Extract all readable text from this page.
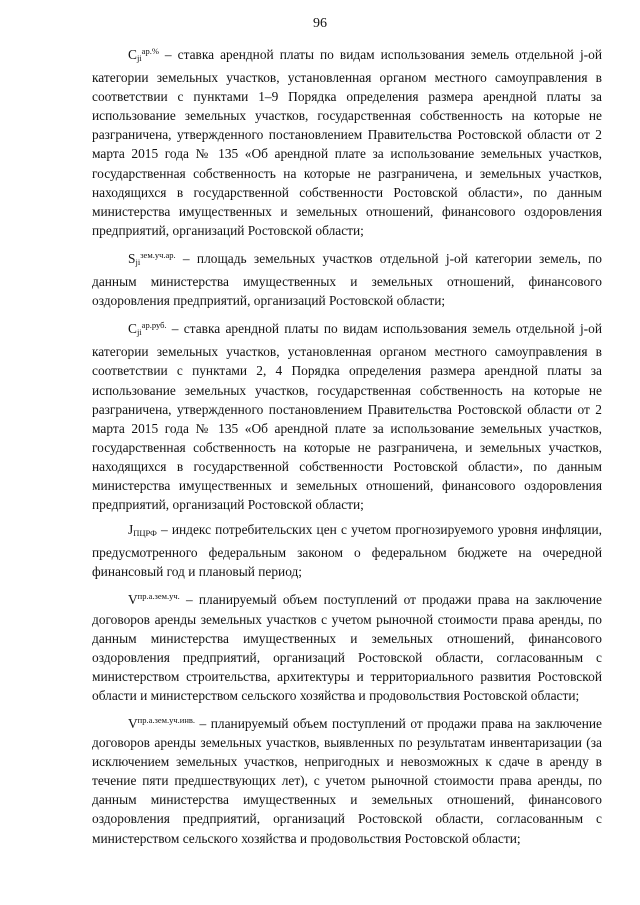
96

$C_{ji}^{ар.\%}$ – ставка арендной платы по видам использования земель отдельной j-ой категории земельных участков, установленная органом местного самоуправления в соответствии с пунктами 1–9 Порядка определения размера арендной платы за использование земельных участков, государственная собственность на которые не разграничена, утвержденного постановлением Правительства Ростовской области от 2 марта 2015 года № 135 «Об арендной плате за использование земельных участков, государственная собственность на которые не разграничена, и земельных участков, находящихся в государственной собственности Ростовской области», по данным министерства имущественных и земельных отношений, финансового оздоровления предприятий, организаций Ростовской области;

$S_{ji}^{зем.уч.ар.}$ – площадь земельных участков отдельной j-ой категории земель, по данным министерства имущественных и земельных отношений, финансового оздоровления предприятий, организаций Ростовской области;

$C_{ji}^{ар.руб.}$ – ставка арендной платы по видам использования земель отдельной j-ой категории земельных участков, установленная органом местного самоуправления в соответствии с пунктами 2, 4 Порядка определения размера арендной платы за использование земельных участков, государственная собственность на которые не разграничена, утвержденного постановлением Правительства Ростовской области от 2 марта 2015 года № 135 «Об арендной плате за использование земельных участков, государственная собственность на которые не разграничена, и земельных участков, находящихся в государственной собственности Ростовской области», по данным министерства имущественных и земельных отношений, финансового оздоровления предприятий, организаций Ростовской области;

$J_{ПЦРФ}$ – индекс потребительских цен с учетом прогнозируемого уровня инфляции, предусмотренного федеральным законом о федеральном бюджете на очередной финансовый год и плановый период;

$V^{пр.а.зем.уч.}$ – планируемый объем поступлений от продажи права на заключение договоров аренды земельных участков с учетом рыночной стоимости права аренды, по данным министерства имущественных и земельных отношений, финансового оздоровления предприятий, организаций Ростовской области, согласованным с министерством строительства, архитектуры и территориального развития Ростовской области и министерством сельского хозяйства и продовольствия Ростовской области;

$V^{пр.а.зем.уч.инв.}$ – планируемый объем поступлений от продажи права на заключение договоров аренды земельных участков, выявленных по результатам инвентаризации (за исключением земельных участков, непригодных и невозможных к сдаче в аренду в течение пяти предшествующих лет), с учетом рыночной стоимости права аренды, по данным министерства имущественных и земельных отношений, финансового оздоровления предприятий, организаций Ростовской области, согласованным с министерством сельского хозяйства и продовольствия Ростовской области;
